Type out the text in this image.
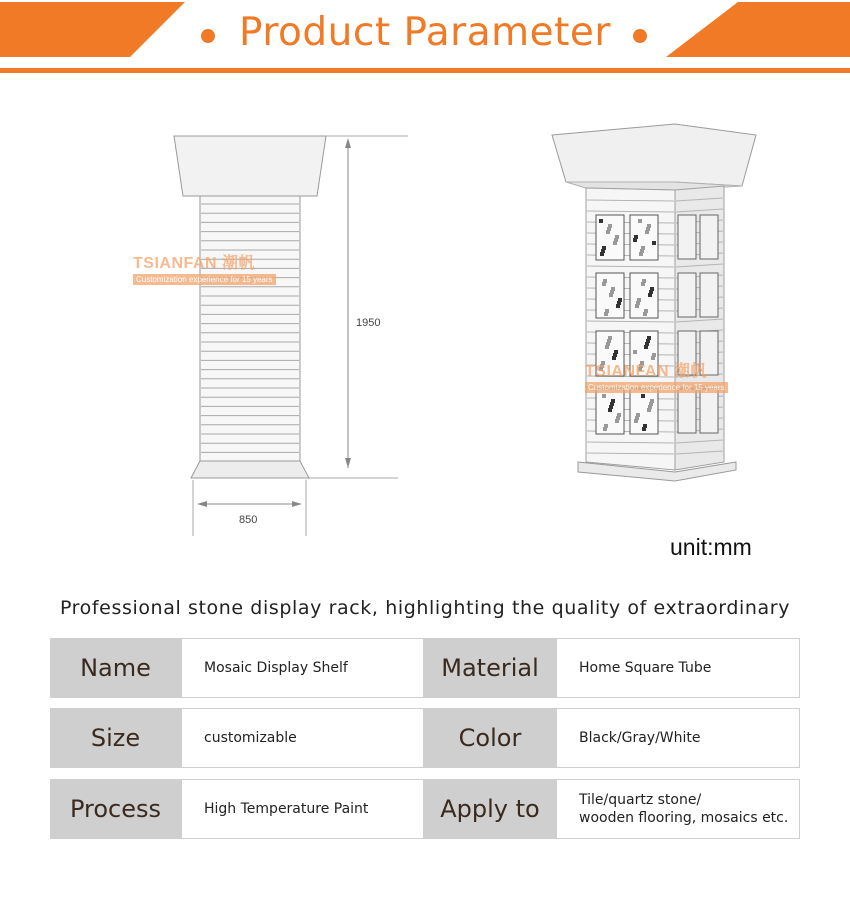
Product Parameter
1950
850
TSIANFAN 潮帆
Customization experience for 15 years
TSIANFAN 潮帆
Customization experience for 15 years
unit:mm
Professional stone display rack, highlighting the quality of extraordinary
Name	Mosaic Display Shelf	Material	Home Square Tube
Size	customizable	Color	Black/Gray/White
Process	High Temperature Paint	Apply to	Tile/quartz stone/
wooden flooring, mosaics etc.
